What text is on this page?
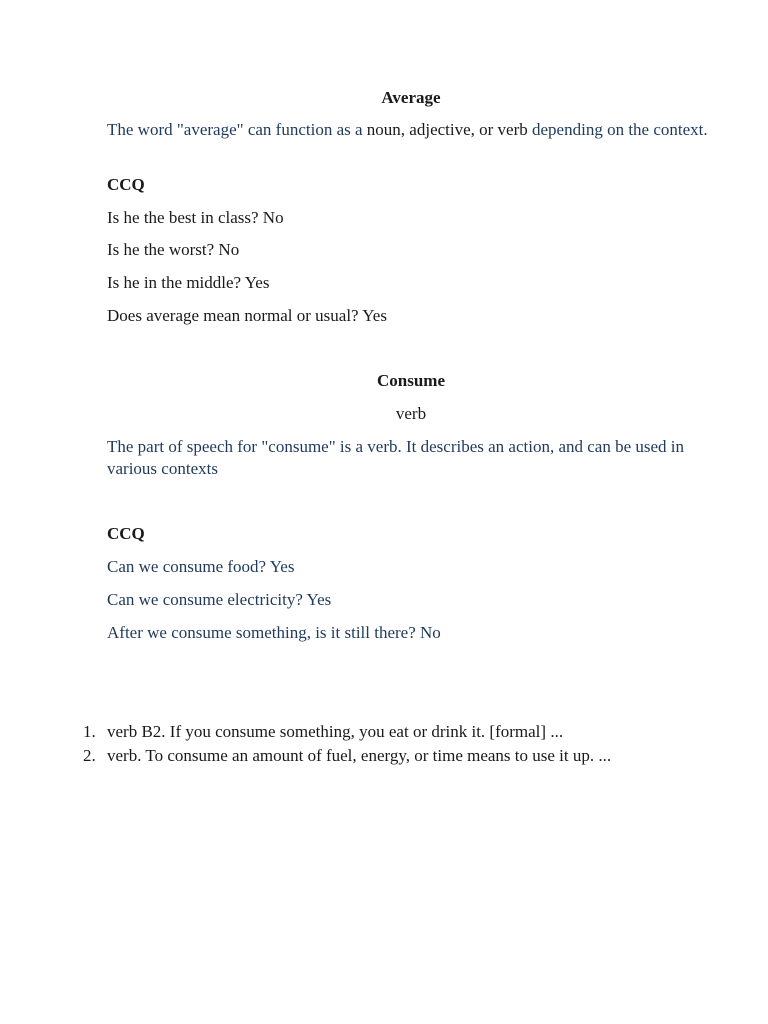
Average

The word "average" can function as a noun, adjective, or verb depending on the context.

CCQ

Is he the best in class? No

Is he the worst? No

Is he in the middle? Yes

Does average mean normal or usual? Yes

Consume

verb

The part of speech for "consume" is a verb. It describes an action, and can be used in various contexts

CCQ

Can we consume food? Yes

Can we consume electricity? Yes

After we consume something, is it still there? No

1. verb B2. If you consume something, you eat or drink it. [formal] ...
2. verb. To consume an amount of fuel, energy, or time means to use it up. ...
